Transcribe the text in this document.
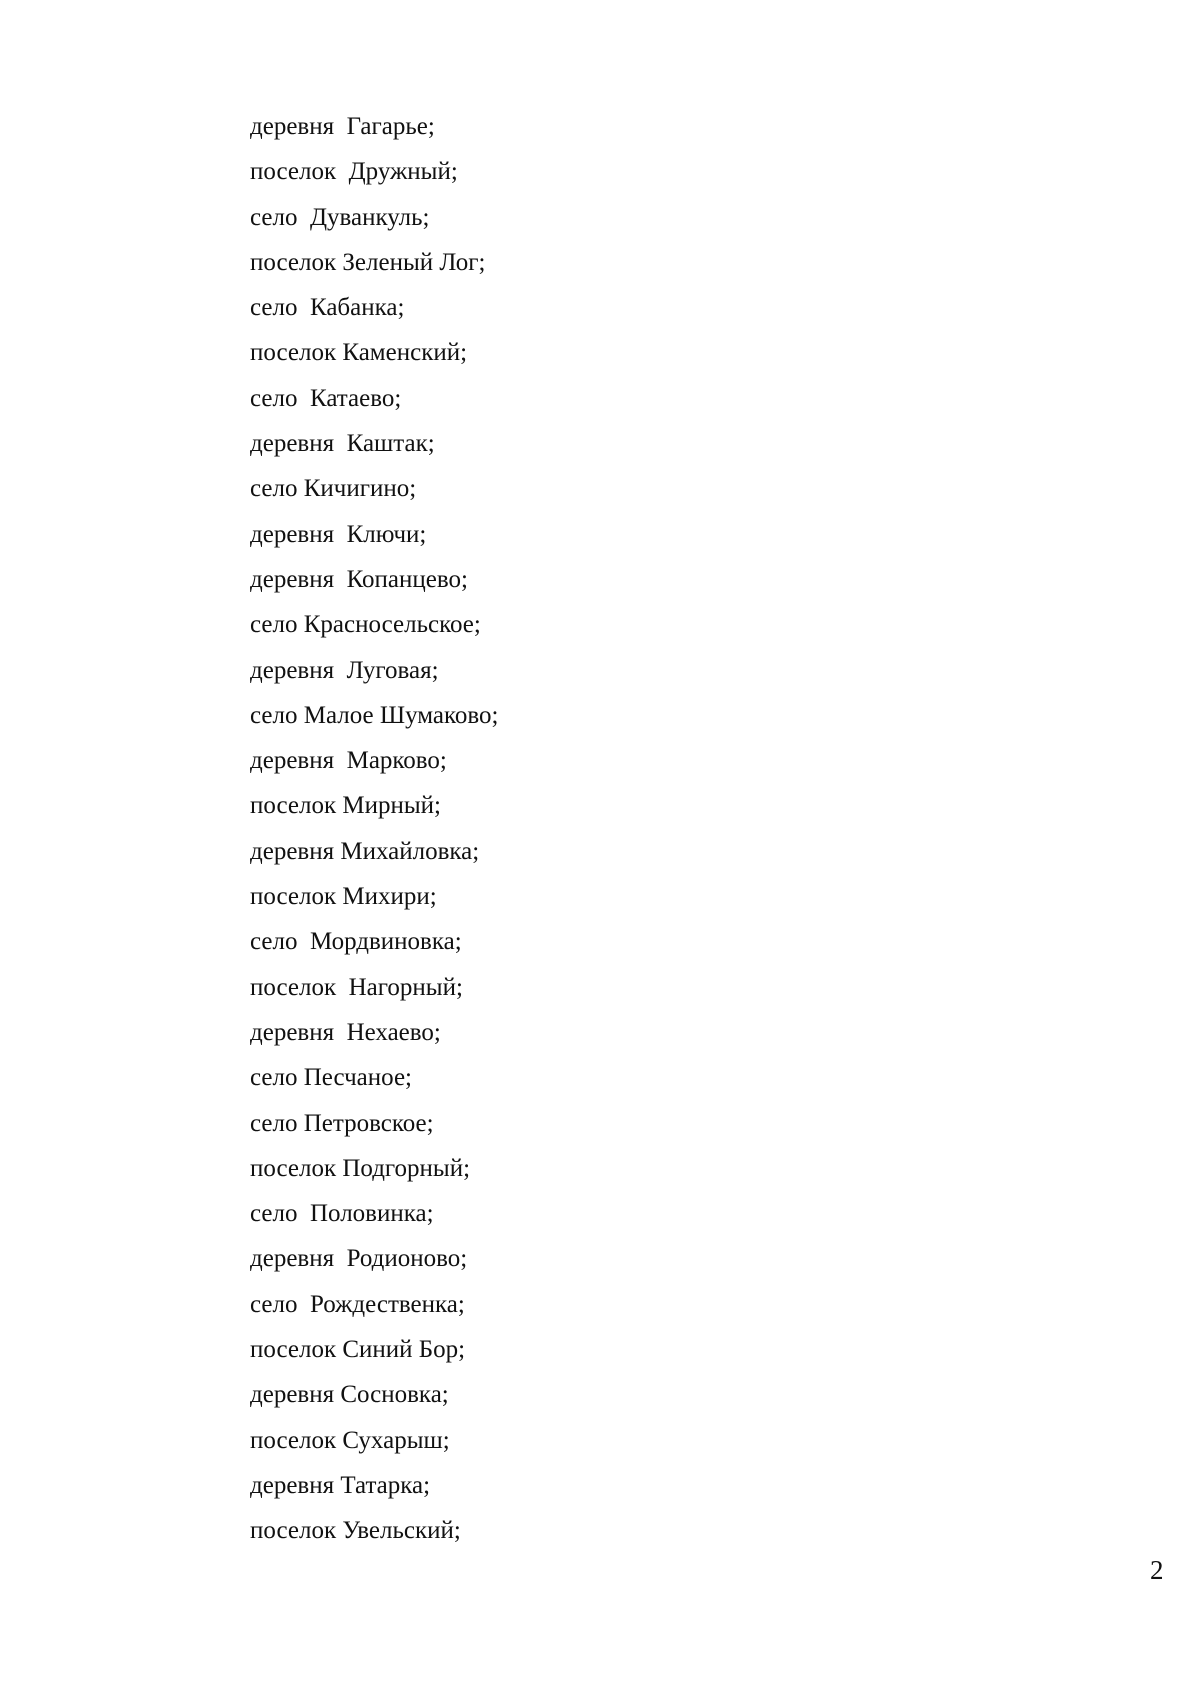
деревня  Гагарье;
поселок  Дружный;
село  Дуванкуль;
поселок Зеленый Лог;
село  Кабанка;
поселок Каменский;
село  Катаево;
деревня  Каштак;
село Кичигино;
деревня  Ключи;
деревня  Копанцево;
село Красносельское;
деревня  Луговая;
село Малое Шумаково;
деревня  Марково;
поселок Мирный;
деревня Михайловка;
поселок Михири;
село  Мордвиновка;
поселок  Нагорный;
деревня  Нехаево;
село Песчаное;
село Петровское;
поселок Подгорный;
село  Половинка;
деревня  Родионово;
село  Рождественка;
поселок Синий Бор;
деревня Сосновка;
поселок Сухарыш;
деревня Татарка;
поселок Увельский;
2
